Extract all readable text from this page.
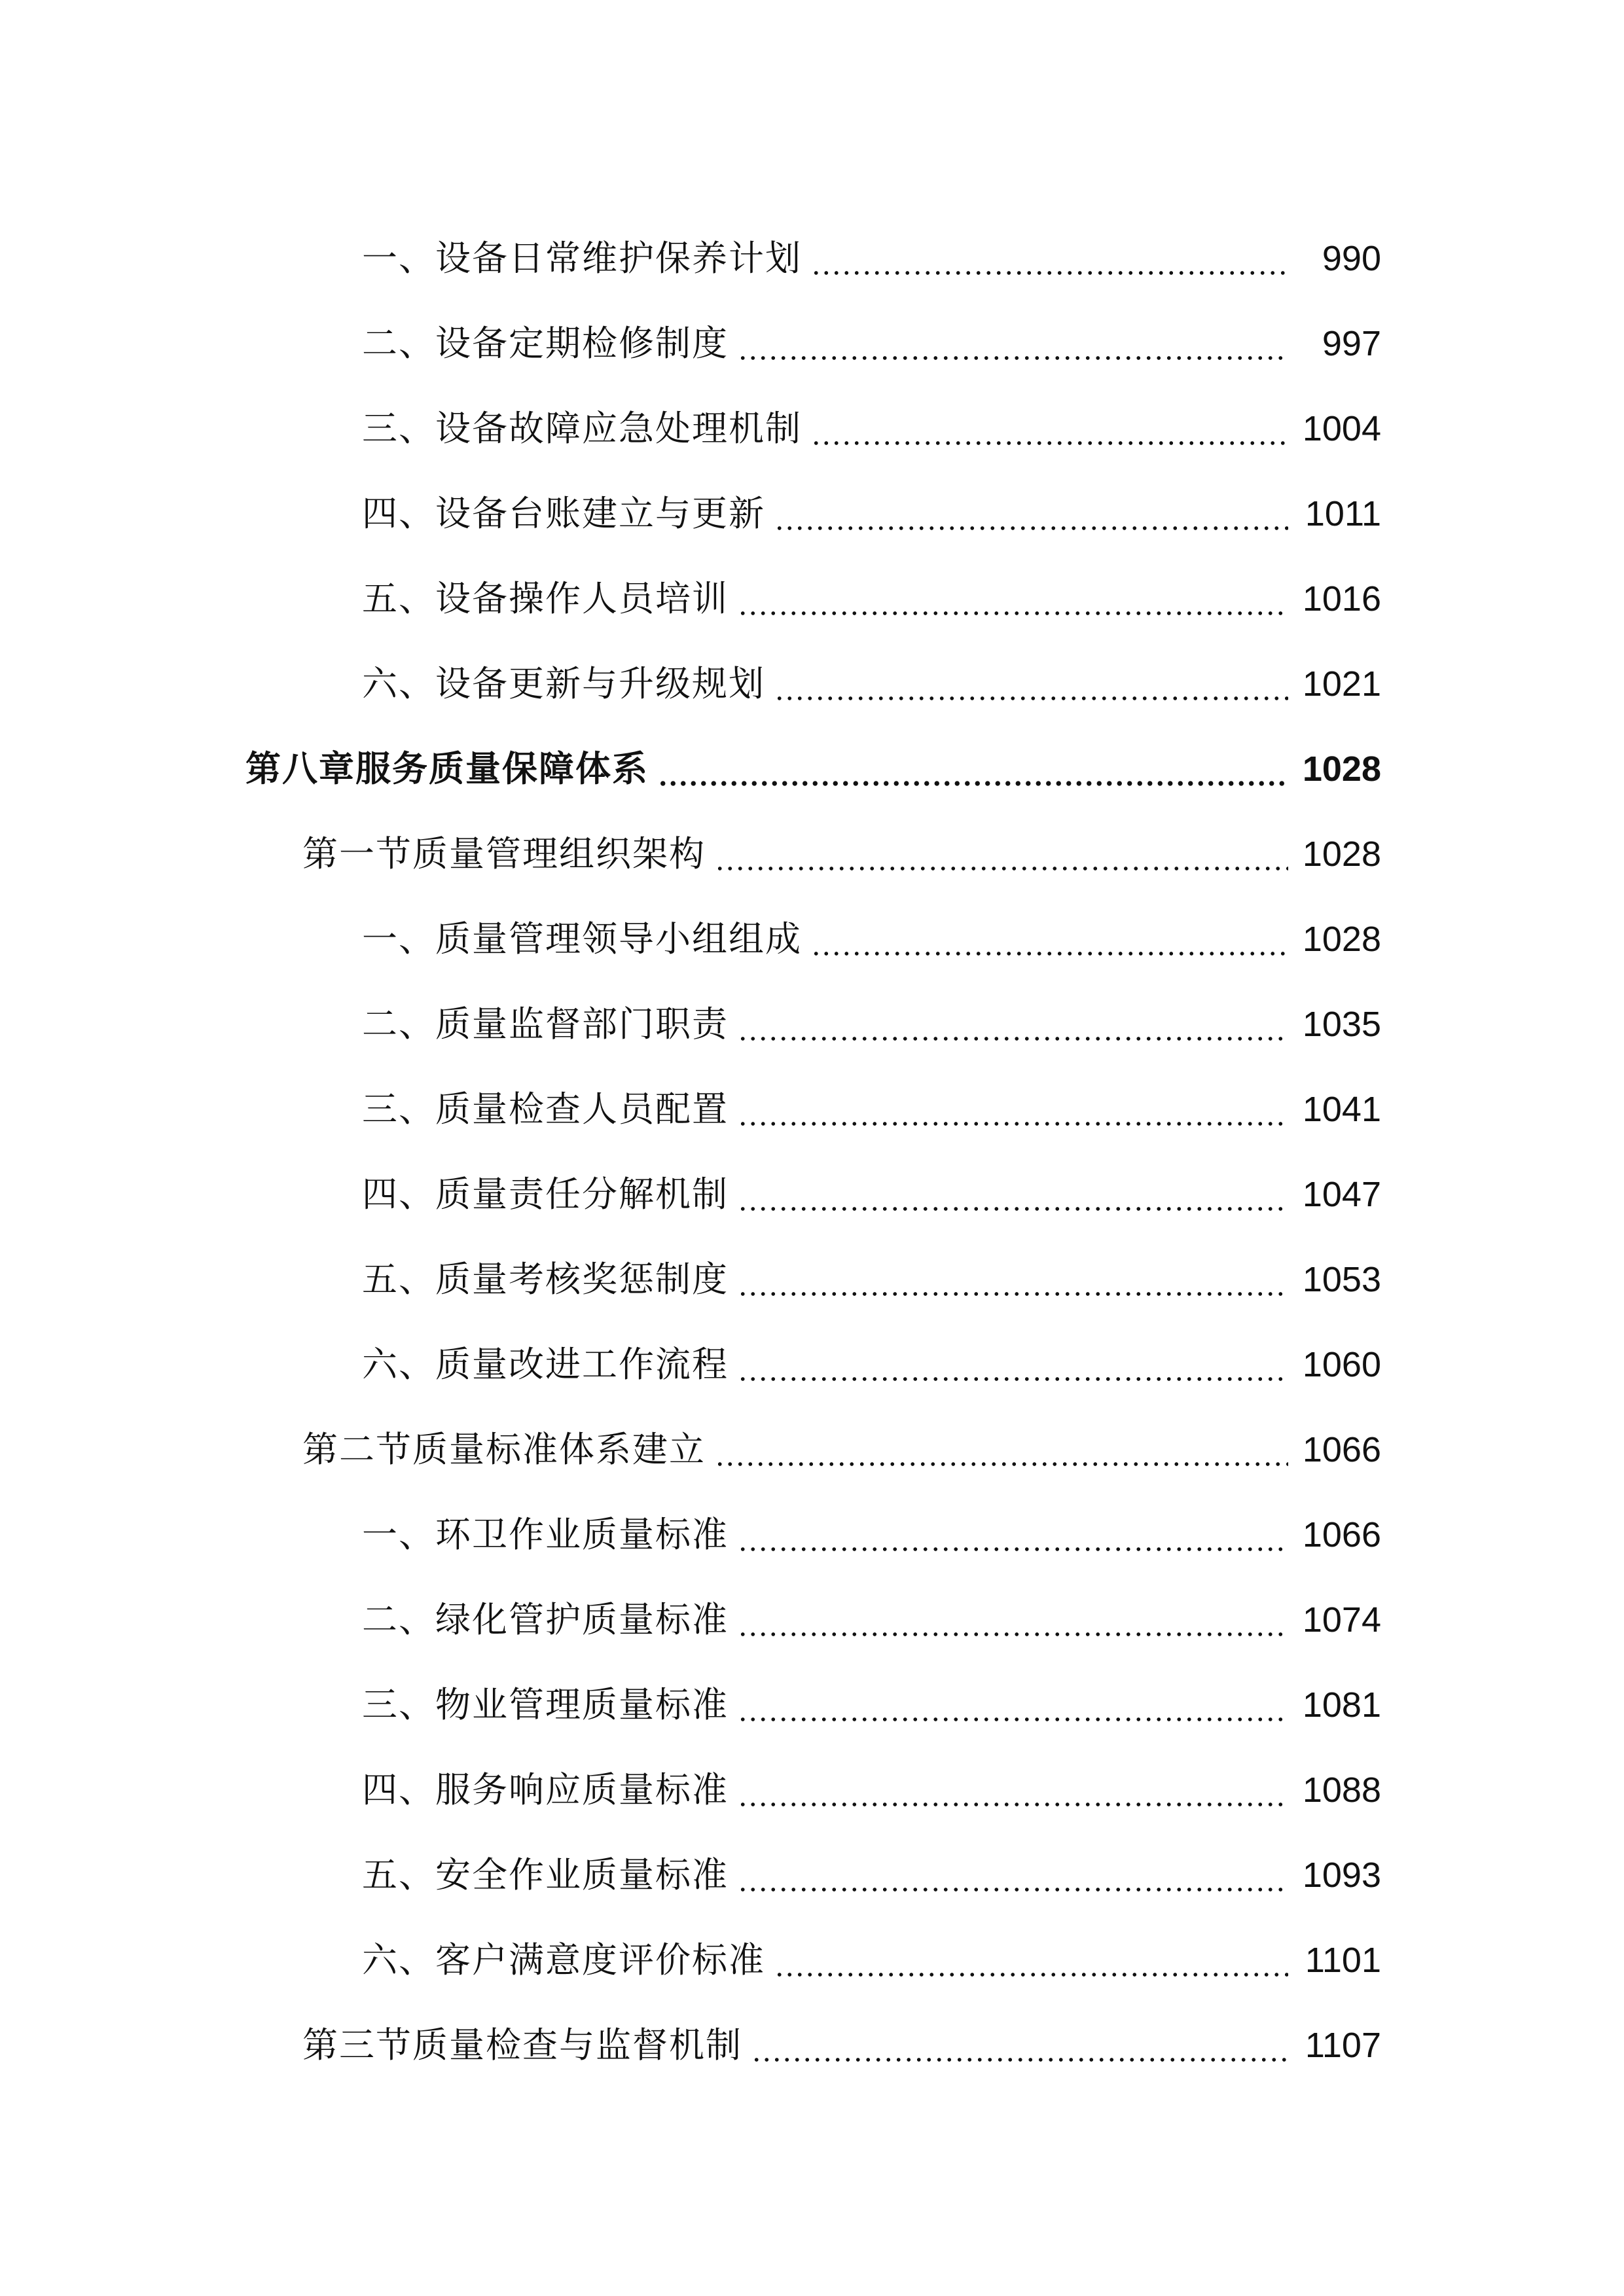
一、设备日常维护保养计划	990
二、设备定期检修制度	997
三、设备故障应急处理机制	1004
四、设备台账建立与更新	1011
五、设备操作人员培训	1016
六、设备更新与升级规划	1021
第八章服务质量保障体系	1028
第一节质量管理组织架构	1028
一、质量管理领导小组组成	1028
二、质量监督部门职责	1035
三、质量检查人员配置	1041
四、质量责任分解机制	1047
五、质量考核奖惩制度	1053
六、质量改进工作流程	1060
第二节质量标准体系建立	1066
一、环卫作业质量标准	1066
二、绿化管护质量标准	1074
三、物业管理质量标准	1081
四、服务响应质量标准	1088
五、安全作业质量标准	1093
六、客户满意度评价标准	1101
第三节质量检查与监督机制	1107
